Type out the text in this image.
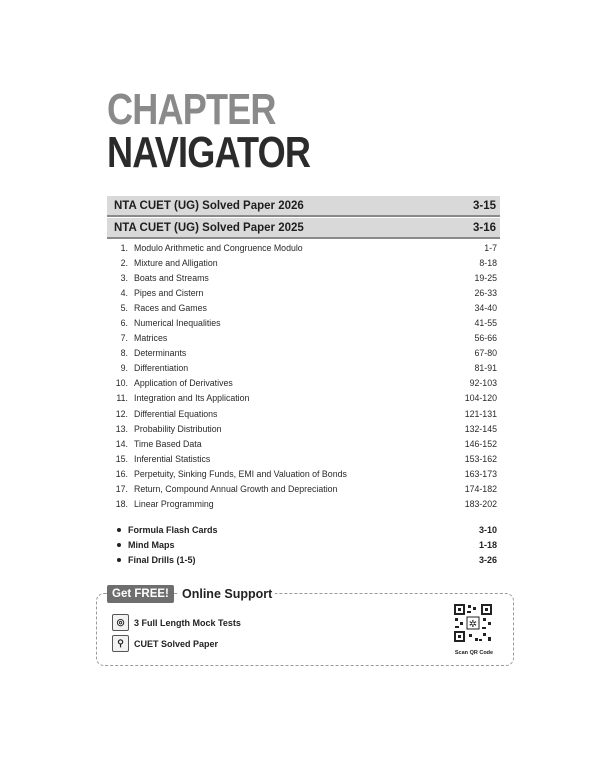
CHAPTER
NAVIGATOR
NTA CUET (UG) Solved Paper 2026	3-15
NTA CUET (UG) Solved Paper 2025	3-16
1. Modulo Arithmetic and Congruence Modulo	1-7
2. Mixture and Alligation	8-18
3. Boats and Streams	19-25
4. Pipes and Cistern	26-33
5. Races and Games	34-40
6. Numerical Inequalities	41-55
7. Matrices	56-66
8. Determinants	67-80
9. Differentiation	81-91
10. Application of Derivatives	92-103
11. Integration and Its Application	104-120
12. Differential Equations	121-131
13. Probability Distribution	132-145
14. Time Based Data	146-152
15. Inferential Statistics	153-162
16. Perpetuity, Sinking Funds, EMI and Valuation of Bonds	163-173
17. Return, Compound Annual Growth and Depreciation	174-182
18. Linear Programming	183-202
Formula Flash Cards	3-10
Mind Maps	1-18
Final Drills (1-5)	3-26
Get FREE!	Online Support
◎	3 Full Length Mock Tests
⚲	CUET Solved Paper
✲
Scan QR Code
